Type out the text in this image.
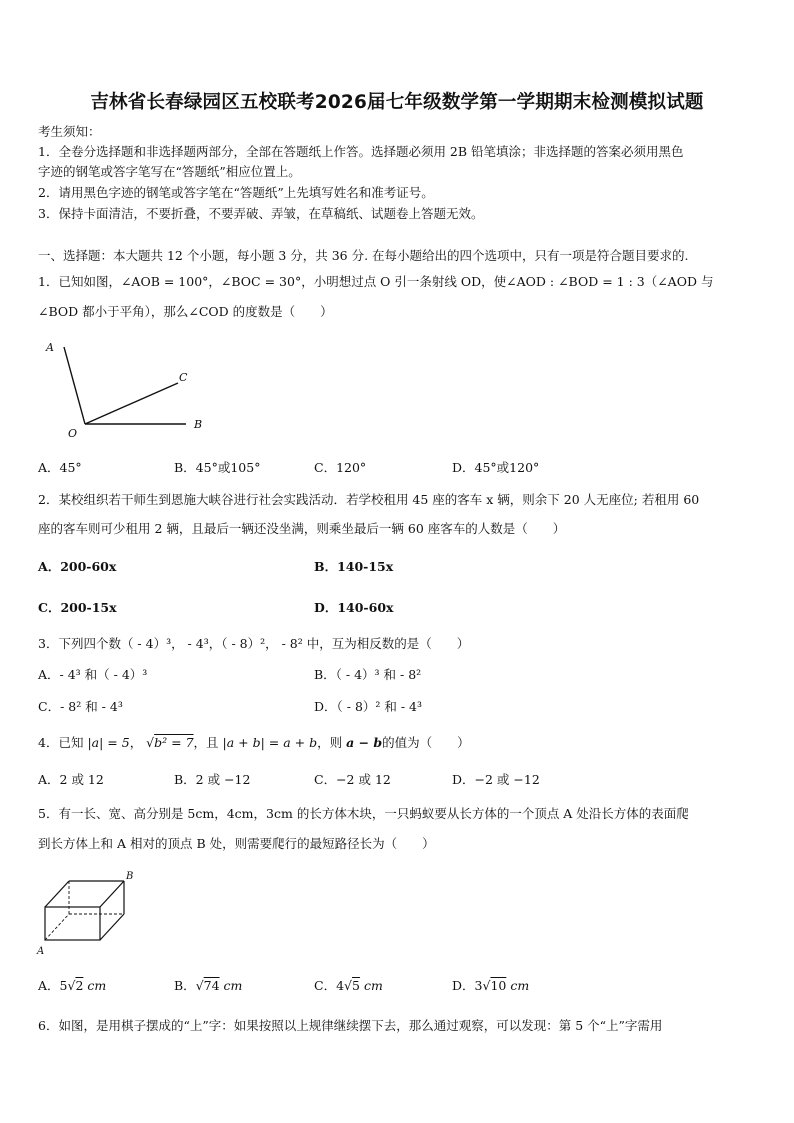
吉林省长春绿园区五校联考2026届七年级数学第一学期期末检测模拟试题
考生须知：
1．全卷分选择题和非选择题两部分，全部在答题纸上作答。选择题必须用 2B 铅笔填涂；非选择题的答案必须用黑色
字迹的钢笔或答字笔写在“答题纸”相应位置上。
2．请用黑色字迹的钢笔或答字笔在“答题纸”上先填写姓名和准考证号。
3．保持卡面清洁，不要折叠，不要弄破、弄皱，在草稿纸、试题卷上答题无效。
一、选择题：本大题共 12 个小题，每小题 3 分，共 36 分. 在每小题给出的四个选项中，只有一项是符合题目要求的.
1．已知如图，∠AOB = 100°，∠BOC = 30°，小明想过点 O 引一条射线 OD，使∠AOD : ∠BOD = 1 : 3（∠AOD 与
∠BOD 都小于平角），那么∠COD 的度数是（　　）
A
C
B
O
A．45°	B．45°或105°	C．120°	D．45°或120°
2．某校组织若干师生到恩施大峡谷进行社会实践活动．若学校租用 45 座的客车 x 辆，则余下 20 人无座位; 若租用 60
座的客车则可少租用 2 辆，且最后一辆还没坐满，则乘坐最后一辆 60 座客车的人数是（　　）
A．200-60x	B．140-15x
C．200-15x	D．140-60x
3．下列四个数（ - 4）³， - 4³，（ - 8）²， - 8² 中，互为相反数的是（　　）
A．- 4³ 和（ - 4）³	B．（ - 4）³ 和 - 8²
C．- 8² 和 - 4³	D．（ - 8）² 和 - 4³
4．已知 |a| = 5， √b² = 7，且 |a + b| = a + b，则 a − b的值为（　　）
A．2 或 12	B．2 或 −12	C．−2 或 12	D．−2 或 −12
5．有一长、宽、高分别是 5cm，4cm，3cm 的长方体木块，一只蚂蚁要从长方体的一个顶点 A 处沿长方体的表面爬
到长方体上和 A 相对的顶点 B 处，则需要爬行的最短路径长为（　　）
A
B
A．5√2 cm	B．√74 cm	C．4√5 cm	D．3√10 cm
6．如图，是用棋子摆成的“上”字：如果按照以上规律继续摆下去，那么通过观察，可以发现：第 5 个“上”字需用
